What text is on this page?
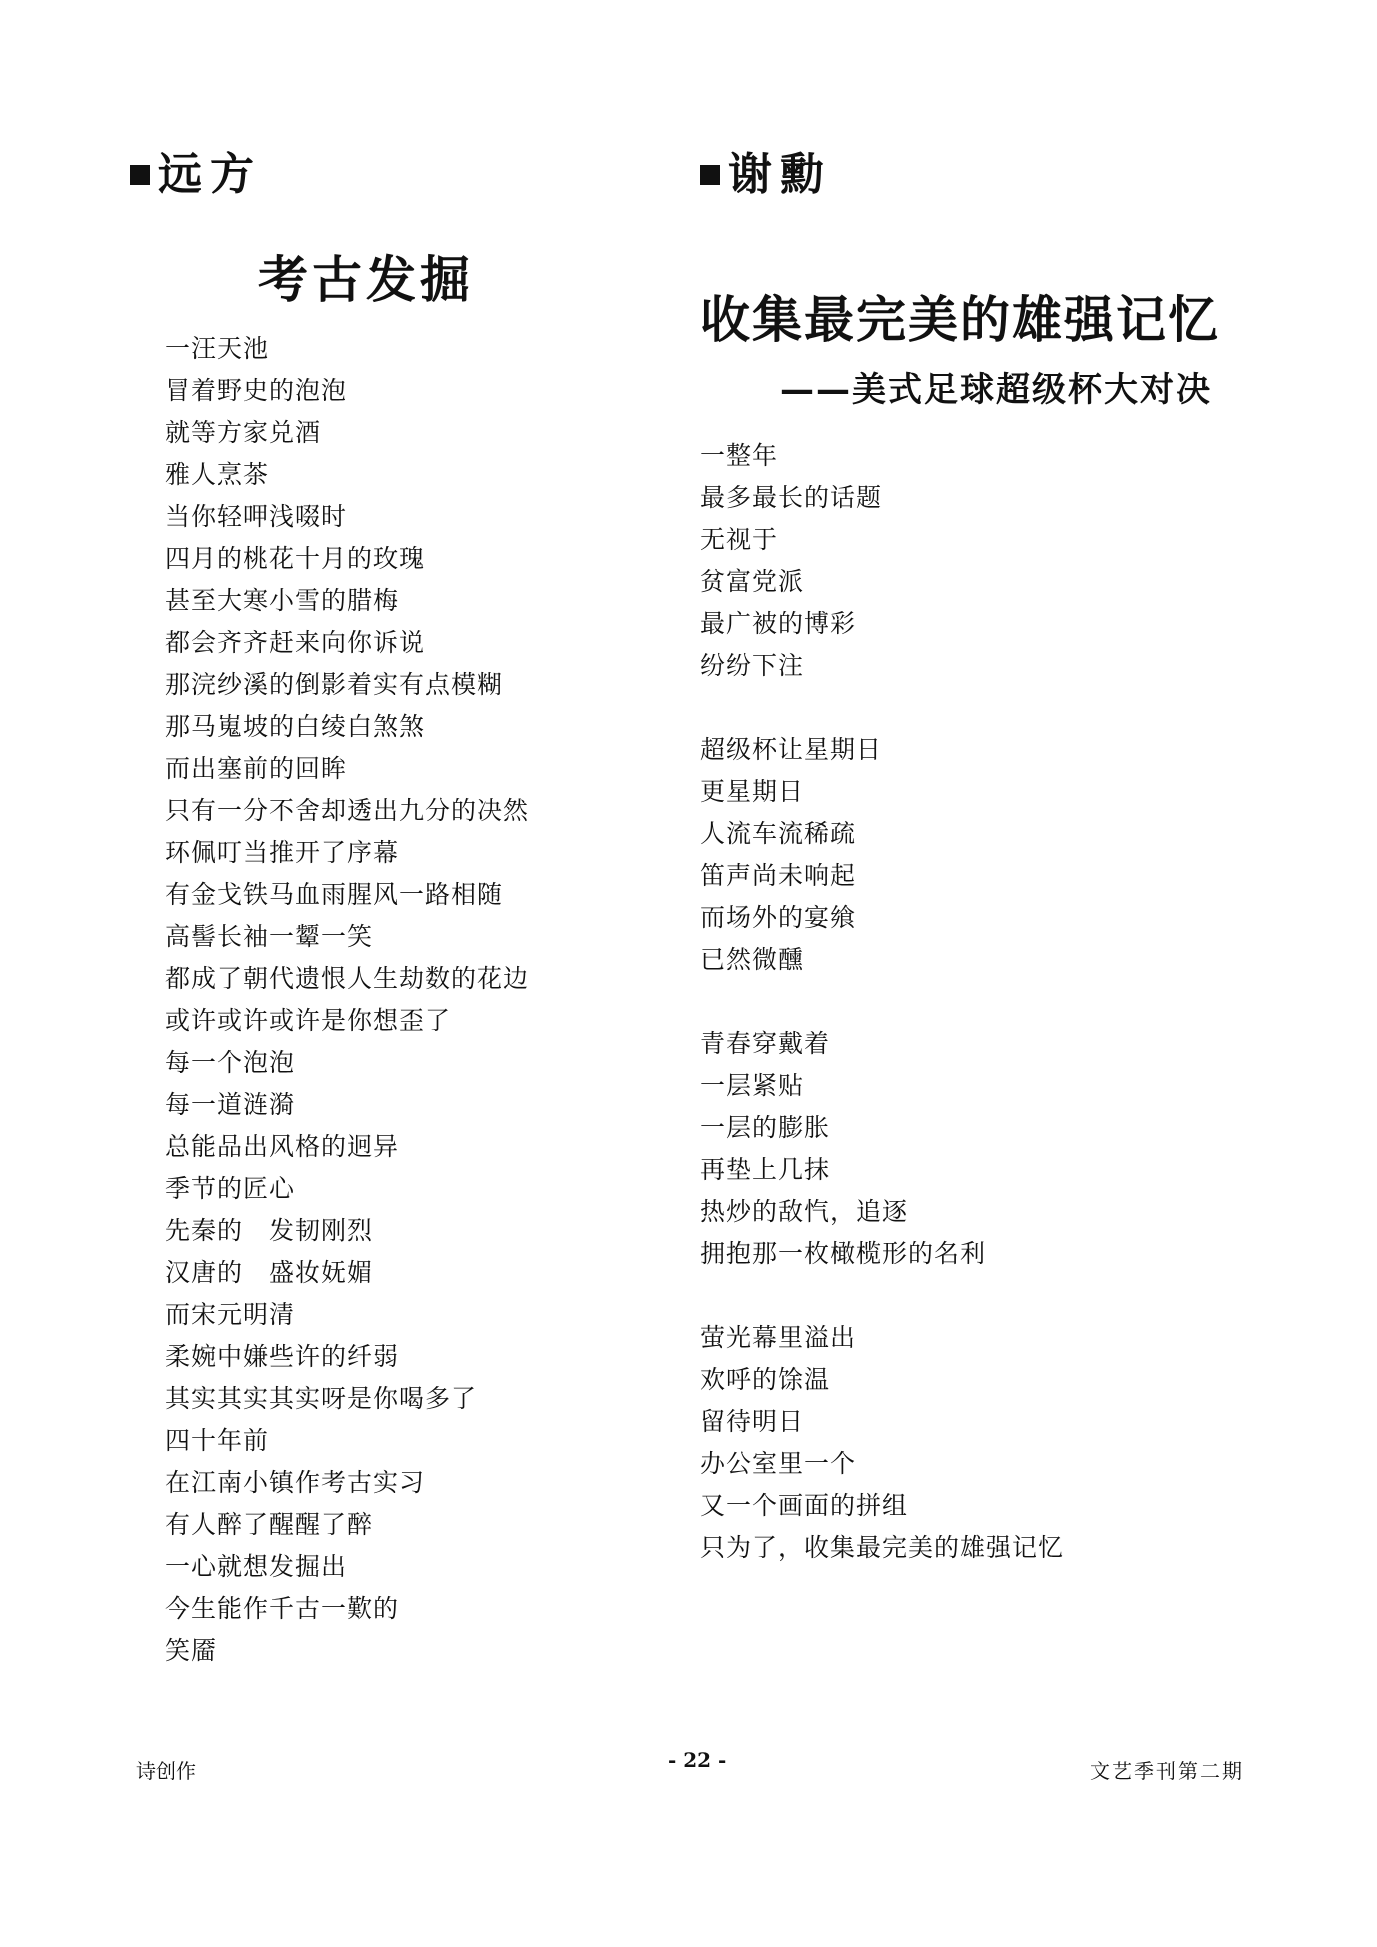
远方
考古发掘
一汪天池
冒着野史的泡泡
就等方家兑酒
雅人烹茶
当你轻呷浅啜时
四月的桃花十月的玫瑰
甚至大寒小雪的腊梅
都会齐齐赶来向你诉说
那浣纱溪的倒影着实有点模糊
那马嵬坡的白绫白煞煞
而出塞前的回眸
只有一分不舍却透出九分的决然
环佩叮当推开了序幕
有金戈铁马血雨腥风一路相随
高髻长袖一颦一笑
都成了朝代遗恨人生劫数的花边
或许或许或许是你想歪了
每一个泡泡
每一道涟漪
总能品出风格的迥异
季节的匠心
先秦的　发韧刚烈
汉唐的　盛妆妩媚
而宋元明清
柔婉中嫌些许的纤弱
其实其实其实呀是你喝多了
四十年前
在江南小镇作考古实习
有人醉了醒醒了醉
一心就想发掘出
今生能作千古一歎的
笑靥
谢勳
收集最完美的雄强记忆
——美式足球超级杯大对决
一整年
最多最长的话题
无视于
贫富党派
最广被的博彩
纷纷下注
超级杯让星期日
更星期日
人流车流稀疏
笛声尚未响起
而场外的宴飨
已然微醺
青春穿戴着
一层紧贴
一层的膨胀
再垫上几抹
热炒的敌忾，追逐
拥抱那一枚橄榄形的名利
萤光幕里溢出
欢呼的馀温
留待明日
办公室里一个
又一个画面的拼组
只为了，收集最完美的雄强记忆
诗创作	- 22 -	文艺季刊第二期
